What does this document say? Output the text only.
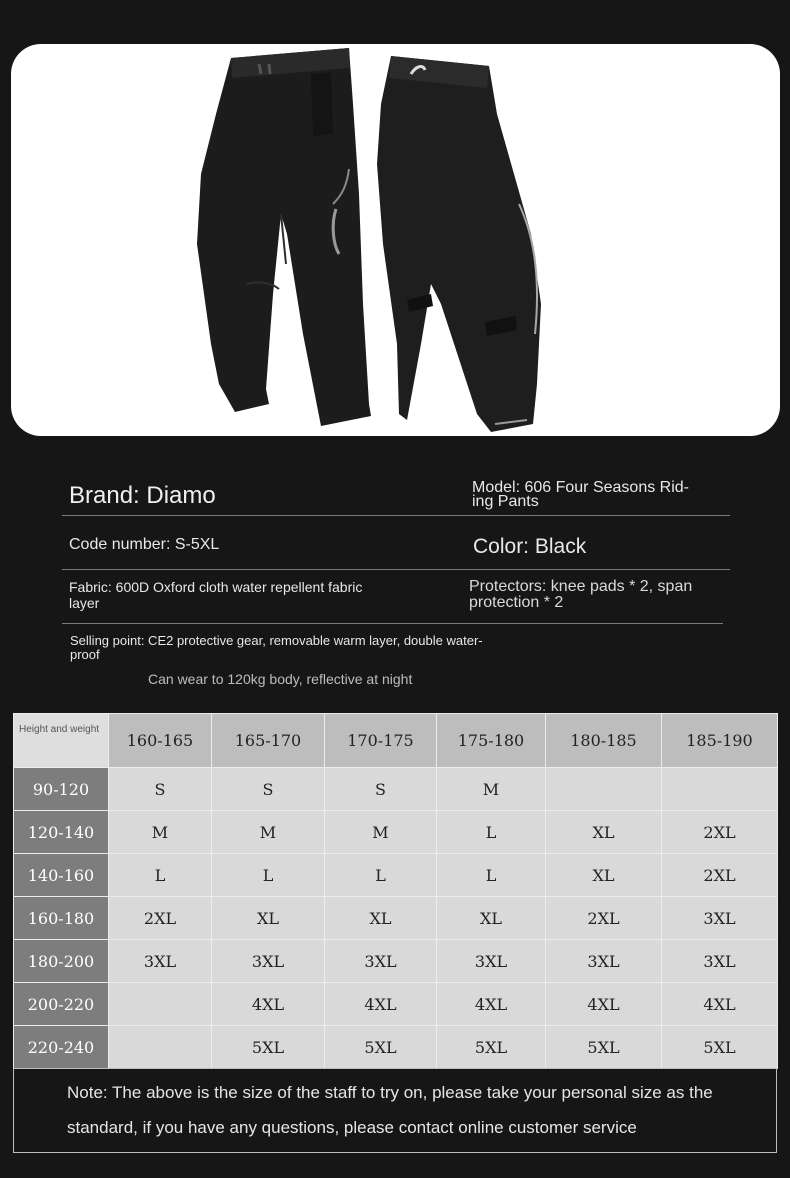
Brand: Diamo	Model: 606 Four Seasons Rid-
ing Pants
Code number: S-5XL	Color: Black
Fabric: 600D Oxford cloth water repellent fabric
layer
Protectors: knee pads * 2, span
protection * 2
Selling point: CE2 protective gear, removable warm layer, double water-
proof
Can wear to 120kg body, reflective at night
Height and weight	160-165	165-170	170-175	175-180	180-185	185-190
90-120	S	S	S	M		
120-140	M	M	M	L	XL	2XL
140-160	L	L	L	L	XL	2XL
160-180	2XL	XL	XL	XL	2XL	3XL
180-200	3XL	3XL	3XL	3XL	3XL	3XL
200-220		4XL	4XL	4XL	4XL	4XL
220-240		5XL	5XL	5XL	5XL	5XL

Note: The above is the size of the staff to try on, please take your personal size as the standard, if you have any questions, please contact online customer service
